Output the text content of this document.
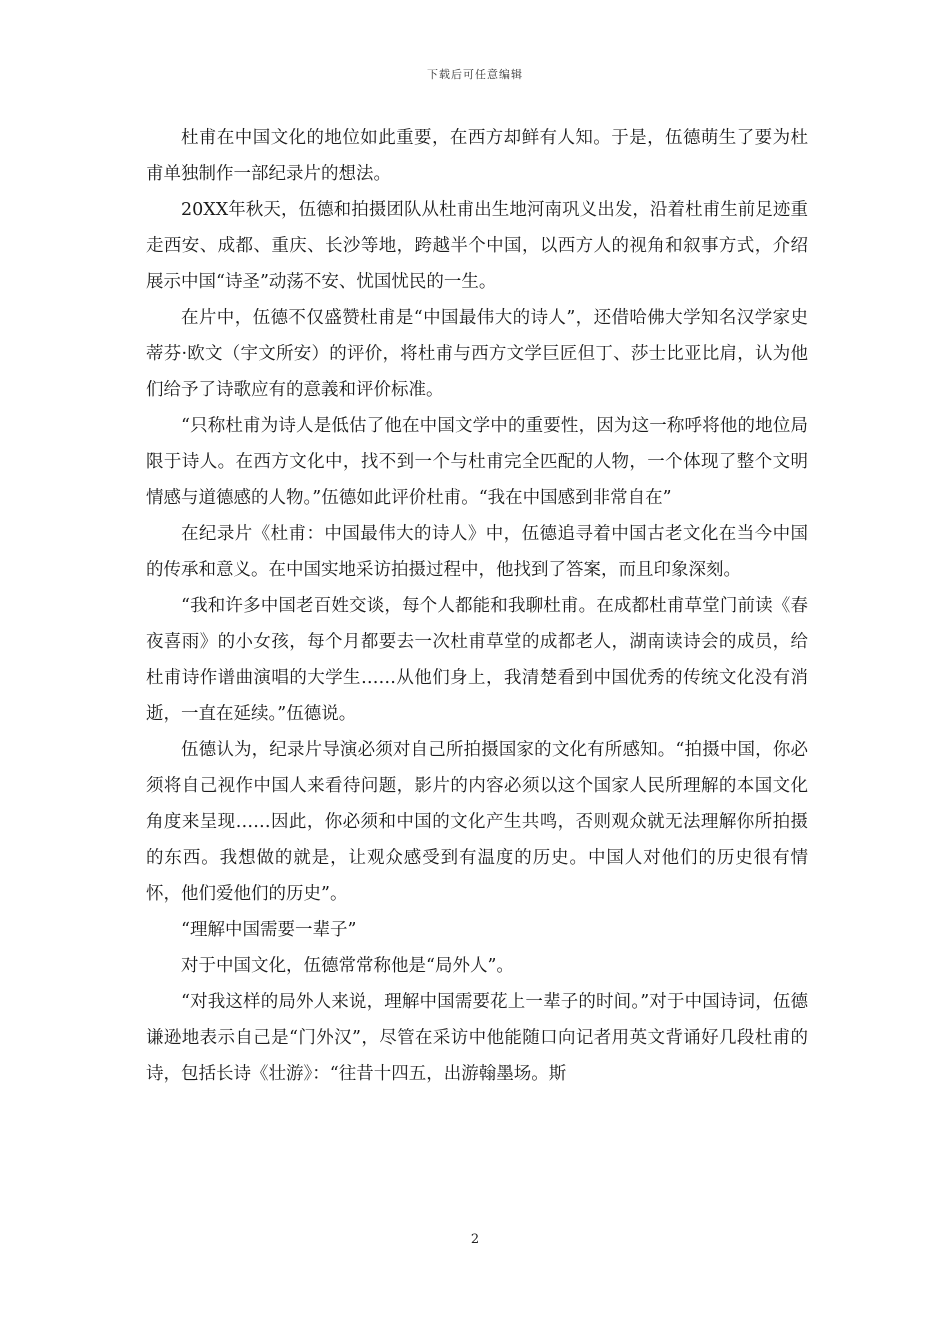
下载后可任意编辑

杜甫在中国文化的地位如此重要，在西方却鲜有人知。于是，伍德萌生了要为杜甫单独制作一部纪录片的想法。

20XX年秋天，伍德和拍摄团队从杜甫出生地河南巩义出发，沿着杜甫生前足迹重走西安、成都、重庆、长沙等地，跨越半个中国，以西方人的视角和叙事方式，介绍展示中国“诗圣”动荡不安、忧国忧民的一生。

在片中，伍德不仅盛赞杜甫是“中国最伟大的诗人”，还借哈佛大学知名汉学家史蒂芬·欧文（宇文所安）的评价，将杜甫与西方文学巨匠但丁、莎士比亚比肩，认为他们给予了诗歌应有的意義和评价标准。

“只称杜甫为诗人是低估了他在中国文学中的重要性，因为这一称呼将他的地位局限于诗人。在西方文化中，找不到一个与杜甫完全匹配的人物，一个体现了整个文明情感与道德感的人物。”伍德如此评价杜甫。“我在中国感到非常自在”

在纪录片《杜甫：中国最伟大的诗人》中，伍德追寻着中国古老文化在当今中国的传承和意义。在中国实地采访拍摄过程中，他找到了答案，而且印象深刻。

“我和许多中国老百姓交谈，每个人都能和我聊杜甫。在成都杜甫草堂门前读《春夜喜雨》的小女孩，每个月都要去一次杜甫草堂的成都老人，湖南读诗会的成员，给杜甫诗作谱曲演唱的大学生……从他们身上，我清楚看到中国优秀的传统文化没有消逝，一直在延续。”伍德说。

伍德认为，纪录片导演必须对自己所拍摄国家的文化有所感知。“拍摄中国，你必须将自己视作中国人来看待问题，影片的内容必须以这个国家人民所理解的本国文化角度来呈现……因此，你必须和中国的文化产生共鸣，否则观众就无法理解你所拍摄的东西。我想做的就是，让观众感受到有温度的历史。中国人对他们的历史很有情怀，他们爱他们的历史”。

“理解中国需要一辈子”

对于中国文化，伍德常常称他是“局外人”。

“对我这样的局外人来说，理解中国需要花上一辈子的时间。”对于中国诗词，伍德谦逊地表示自己是“门外汉”，尽管在采访中他能随口向记者用英文背诵好几段杜甫的诗，包括长诗《壮游》：“往昔十四五，出游翰墨场。斯

2
